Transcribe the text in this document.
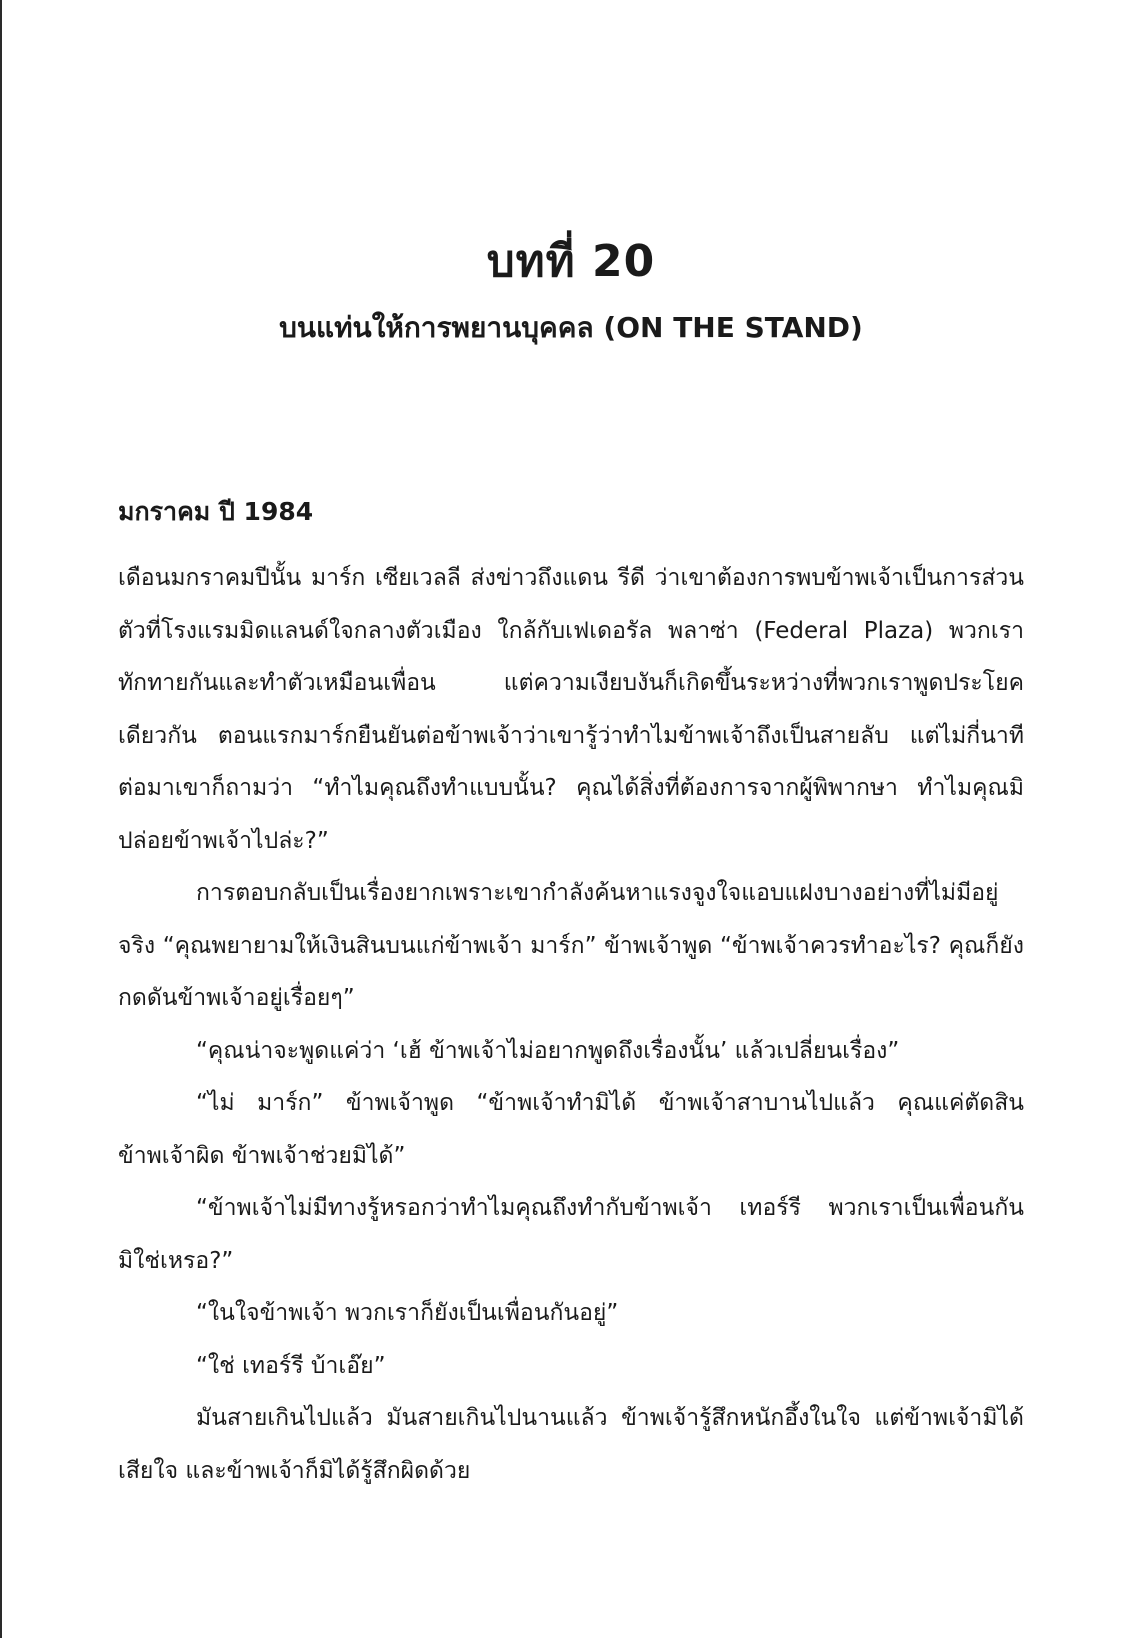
บทที่ 20
บนแท่นให้การพยานบุคคล (ON THE STAND)
มกราคม ปี 1984

เดือนมกราคมปีนั้น มาร์ก เซียเวลลี ส่งข่าวถึงแดน รีดี ว่าเขาต้องการพบข้าพเจ้าเป็นการส่วนตัวที่โรงแรมมิดแลนด์ใจกลางตัวเมือง ใกล้กับเฟเดอรัล พลาซ่า (Federal Plaza) พวกเราทักทายกันและทำตัวเหมือนเพื่อน แต่ความเงียบงันก็เกิดขึ้นระหว่างที่พวกเราพูดประโยคเดียวกัน ตอนแรกมาร์กยืนยันต่อข้าพเจ้าว่าเขารู้ว่าทำไมข้าพเจ้าถึงเป็นสายลับ แต่ไม่กี่นาทีต่อมาเขาก็ถามว่า “ทำไมคุณถึงทำแบบนั้น? คุณได้สิ่งที่ต้องการจากผู้พิพากษา ทำไมคุณมิปล่อยข้าพเจ้าไปล่ะ?”

การตอบกลับเป็นเรื่องยากเพราะเขากำลังค้นหาแรงจูงใจแอบแฝงบางอย่างที่ไม่มีอยู่จริง “คุณพยายามให้เงินสินบนแก่ข้าพเจ้า มาร์ก” ข้าพเจ้าพูด “ข้าพเจ้าควรทำอะไร? คุณก็ยังกดดันข้าพเจ้าอยู่เรื่อยๆ”

“คุณน่าจะพูดแค่ว่า ‘เฮ้ ข้าพเจ้าไม่อยากพูดถึงเรื่องนั้น’ แล้วเปลี่ยนเรื่อง”

“ไม่ มาร์ก” ข้าพเจ้าพูด “ข้าพเจ้าทำมิได้ ข้าพเจ้าสาบานไปแล้ว คุณแค่ตัดสินข้าพเจ้าผิด ข้าพเจ้าช่วยมิได้”

“ข้าพเจ้าไม่มีทางรู้หรอกว่าทำไมคุณถึงทำกับข้าพเจ้า เทอร์รี พวกเราเป็นเพื่อนกันมิใช่เหรอ?”

“ในใจข้าพเจ้า พวกเราก็ยังเป็นเพื่อนกันอยู่”

“ใช่ เทอร์รี บ้าเอ๊ย”

มันสายเกินไปแล้ว มันสายเกินไปนานแล้ว ข้าพเจ้ารู้สึกหนักอึ้งในใจ แต่ข้าพเจ้ามิได้เสียใจ และข้าพเจ้าก็มิได้รู้สึกผิดด้วย
